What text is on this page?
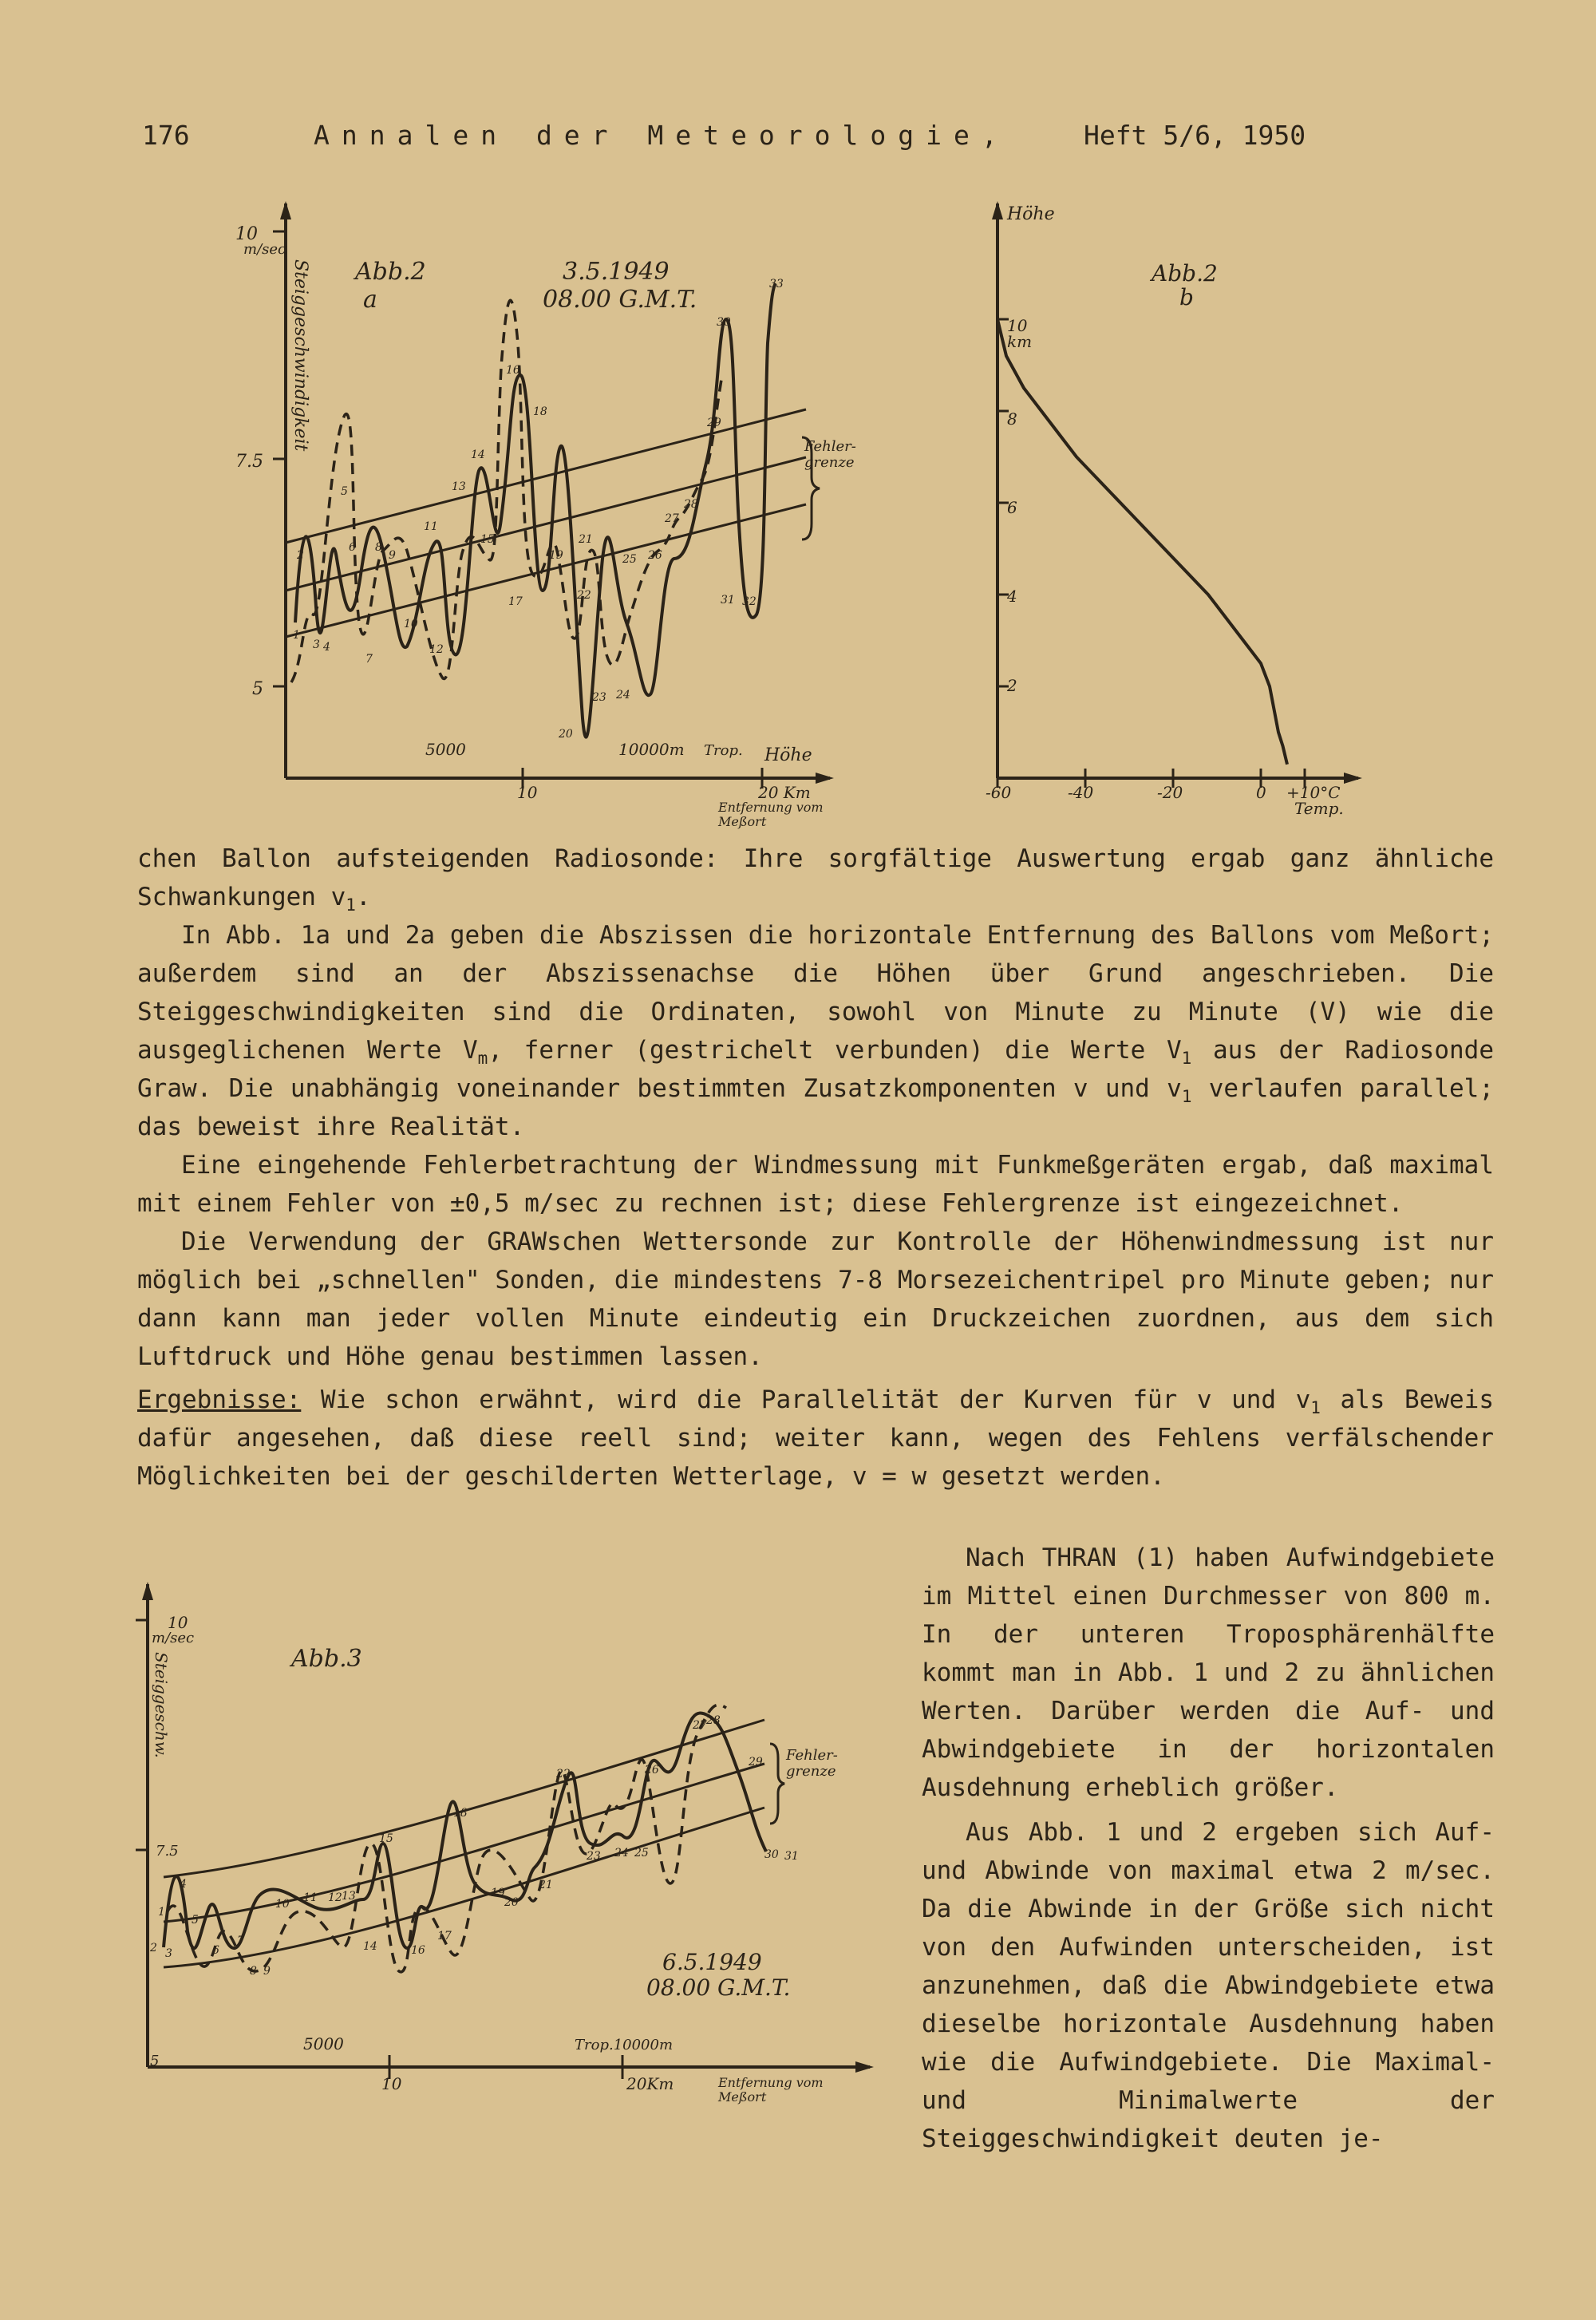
176

	Annalen der Meteorologie,

	Heft 5/6, 1950

1
2
3 4
5
6
7
8
9
10
11
12
13
14
15
16
17
18
19
20
21
22
23 24
25 26
27
28
29
30
31 32
33
10
m/sec
7.5
5
Steiggeschwindigkeit Abb.2
a
3.5.1949
08.00 G.M.T.
Fehler-
grenze
5000	10000m Trop. Höhe
10	20 Km
Entfernung vom
Meßort
Höhe
Abb.2
b
10
km
8
6
4
2
-60	-40	-20	0 +10°C
Temp.

chen Ballon aufsteigenden Radiosonde: Ihre sorgfältige Auswertung ergab ganz ähnliche Schwankungen $v_1$.

In Abb. 1a und 2a geben die Abszissen die horizontale Entfernung des Ballons vom Meßort; außerdem sind an der Abszissenachse die Höhen über Grund angeschrieben. Die Steiggeschwindigkeiten sind die Ordinaten, sowohl von Minute zu Minute (V) wie die ausgeglichenen Werte $V_m$, ferner (gestrichelt verbunden) die Werte $V_1$ aus der Radiosonde Graw. Die unabhängig voneinander bestimmten Zusatzkomponenten v und $v_1$ verlaufen parallel; das beweist ihre Realität.

Eine eingehende Fehlerbetrachtung der Windmessung mit Funkmeßgeräten ergab, daß maximal mit einem Fehler von ±0,5 m/sec zu rechnen ist; diese Fehlergrenze ist eingezeichnet.

Die Verwendung der GRAWschen Wettersonde zur Kontrolle der Höhenwindmessung ist nur möglich bei „schnellen" Sonden, die mindestens 7-8 Morsezeichentripel pro Minute geben; nur dann kann man jeder vollen Minute eindeutig ein Druckzeichen zuordnen, aus dem sich Luftdruck und Höhe genau bestimmen lassen.

Ergebnisse: Wie schon erwähnt, wird die Parallelität der Kurven für v und $v_1$ als Beweis dafür angesehen, daß diese reell sind; weiter kann, wegen des Fehlens verfälschender Möglichkeiten bei der geschilderten Wetterlage, v = w gesetzt werden.

1
2 3
4
5
6
7
8 9
10 11 12 13
14
15
16
17
18
19
20
21
22
23 24 25
26
27 28
29
30 31
10
m/sec
Steiggeschw.
7.5
5
Abb.3
Fehler-
grenze
6.5.1949
08.00 G.M.T.
5000	Trop.10000m
10	20Km	Entfernung vom
Meßort

Nach THRAN (1) haben Aufwindgebiete im Mittel einen Durchmesser von 800 m. In der unteren Troposphärenhälfte kommt man in Abb. 1 und 2 zu ähnlichen Werten. Darüber werden die Auf- und Abwindgebiete in der horizontalen Ausdehnung erheblich größer.

Aus Abb. 1 und 2 ergeben sich Auf- und Abwinde von maximal etwa 2 m/sec. Da die Abwinde in der Größe sich nicht von den Aufwinden unterscheiden, ist anzunehmen, daß die Abwindgebiete etwa dieselbe horizontale Ausdehnung haben wie die Aufwindgebiete. Die Maximal- und Minimalwerte der Steiggeschwindigkeit deuten je-
